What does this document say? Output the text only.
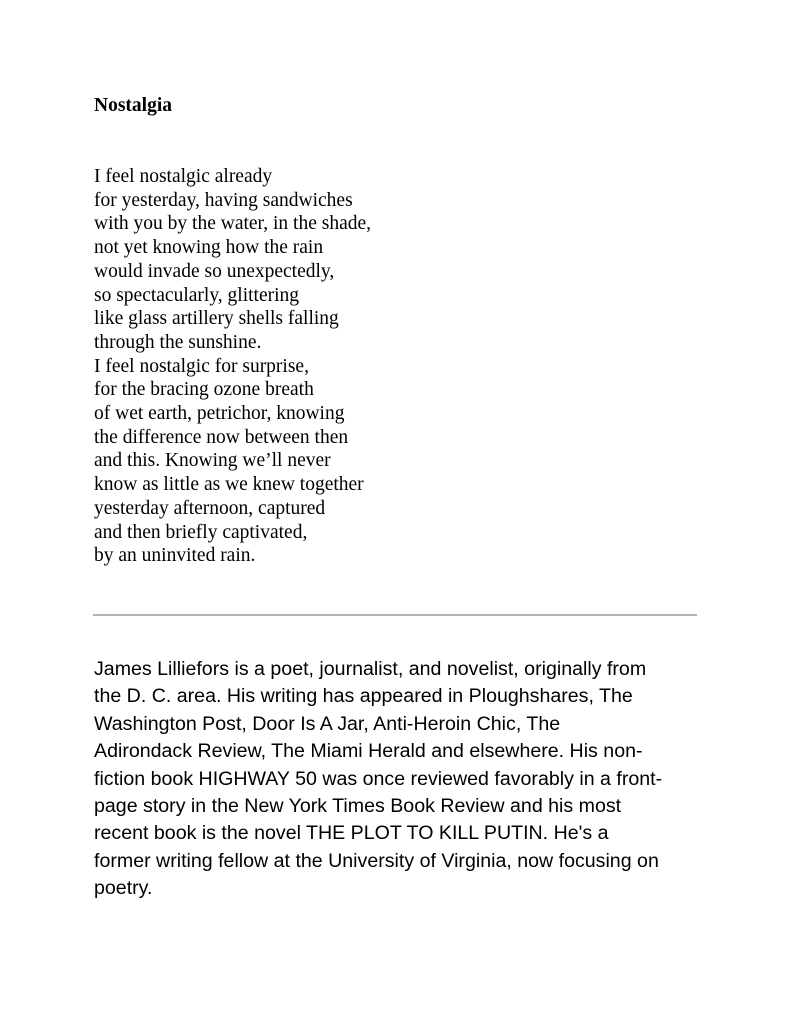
Nostalgia
I feel nostalgic already
for yesterday, having sandwiches
with you by the water, in the shade,
not yet knowing how the rain
would invade so unexpectedly,
so spectacularly, glittering
like glass artillery shells falling
through the sunshine.
I feel nostalgic for surprise,
for the bracing ozone breath
of wet earth, petrichor, knowing
the difference now between then
and this. Knowing we’ll never
know as little as we knew together
yesterday afternoon, captured
and then briefly captivated,
by an uninvited rain.

James Lilliefors is a poet, journalist, and novelist, originally from
the D. C. area. His writing has appeared in Ploughshares, The
Washington Post, Door Is A Jar, Anti-Heroin Chic, The
Adirondack Review, The Miami Herald and elsewhere. His non-
fiction book HIGHWAY 50 was once reviewed favorably in a front-
page story in the New York Times Book Review and his most
recent book is the novel THE PLOT TO KILL PUTIN. He's a
former writing fellow at the University of Virginia, now focusing on
poetry.
